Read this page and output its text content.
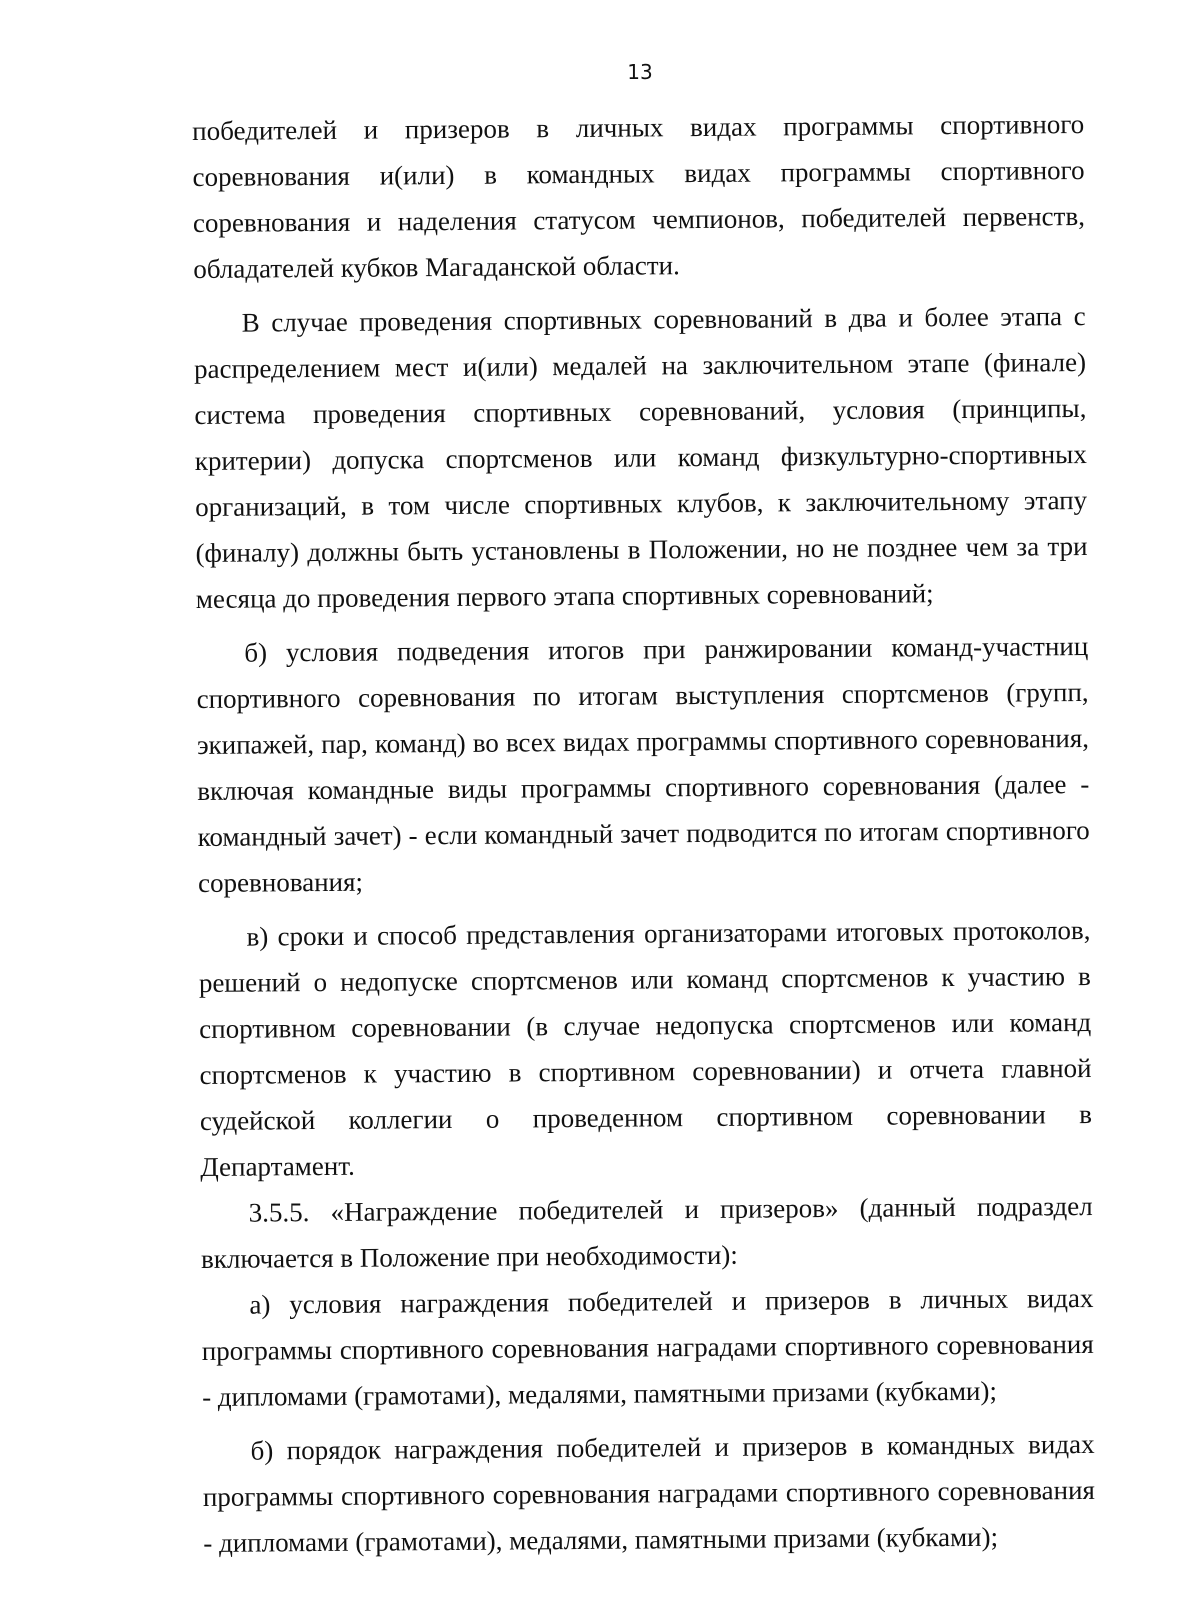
13

победителей и призеров в личных видах программы спортивного соревнования и(или) в командных видах программы спортивного соревнования и наделения статусом чемпионов, победителей первенств, обладателей кубков Магаданской области.

В случае проведения спортивных соревнований в два и более этапа с распределением мест и(или) медалей на заключительном этапе (финале) система проведения спортивных соревнований, условия (принципы, критерии) допуска спортсменов или команд физкультурно-спортивных организаций, в том числе спортивных клубов, к заключительному этапу (финалу) должны быть установлены в Положении, но не позднее чем за три месяца до проведения первого этапа спортивных соревнований;

б) условия подведения итогов при ранжировании команд-участниц спортивного соревнования по итогам выступления спортсменов (групп, экипажей, пар, команд) во всех видах программы спортивного соревнования, включая командные виды программы спортивного соревнования (далее - командный зачет) - если командный зачет подводится по итогам спортивного соревнования;

в) сроки и способ представления организаторами итоговых протоколов, решений о недопуске спортсменов или команд спортсменов к участию в спортивном соревновании (в случае недопуска спортсменов или команд спортсменов к участию в спортивном соревновании) и отчета главной судейской коллегии о проведенном спортивном соревновании в Департамент.

3.5.5. «Награждение победителей и призеров» (данный подраздел включается в Положение при необходимости):

а) условия награждения победителей и призеров в личных видах программы спортивного соревнования наградами спортивного соревнования - дипломами (грамотами), медалями, памятными призами (кубками);

б) порядок награждения победителей и призеров в командных видах программы спортивного соревнования наградами спортивного соревнования - дипломами (грамотами), медалями, памятными призами (кубками);
